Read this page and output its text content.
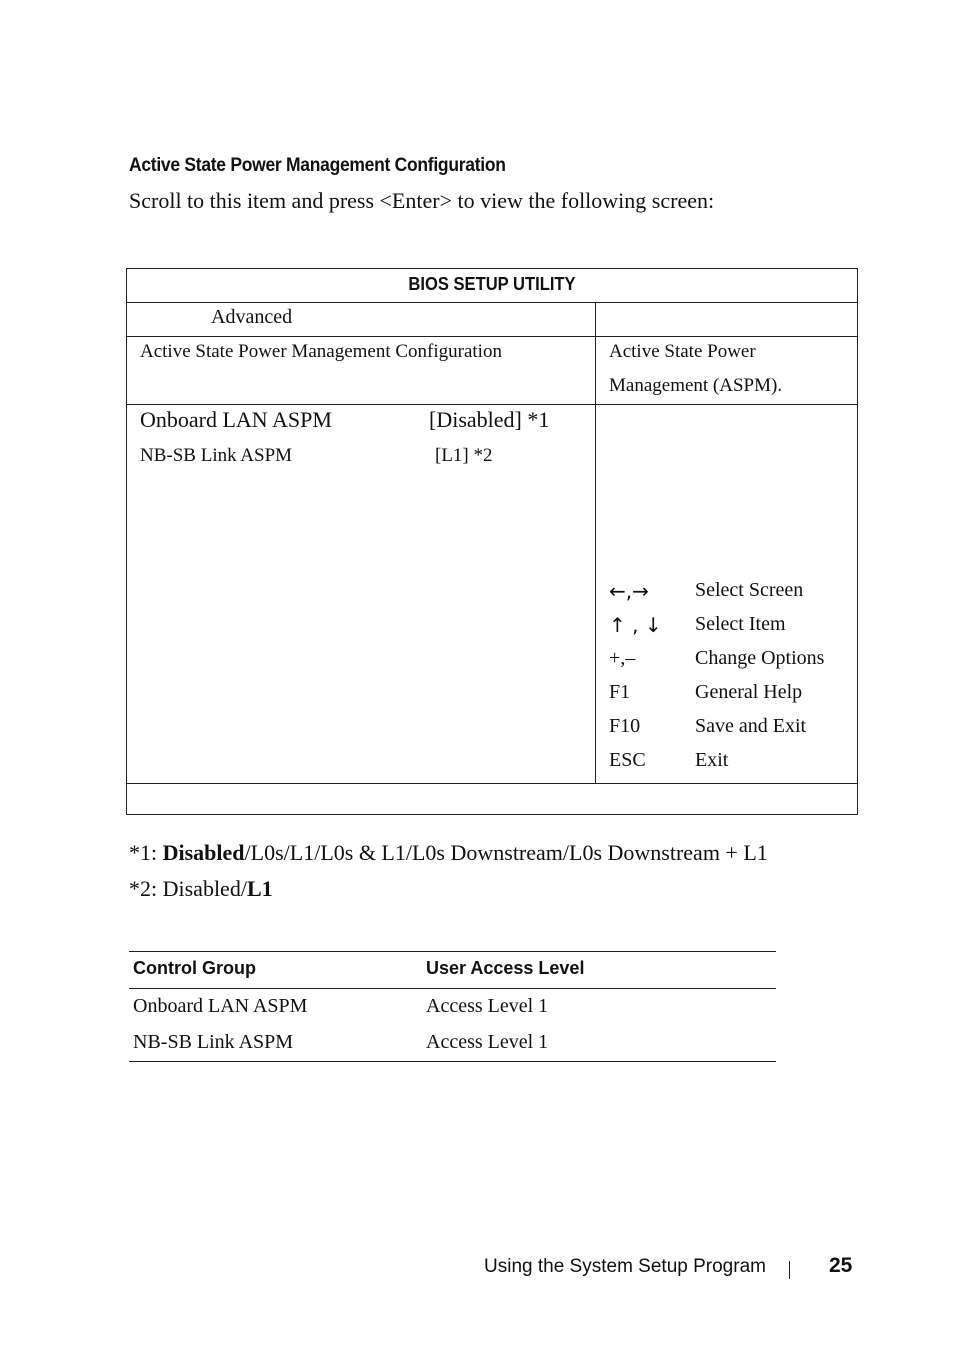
Active State Power Management Configuration
Scroll to this item and press <Enter> to view the following screen:
BIOS SETUP UTILITY
Advanced
Active State Power Management Configuration	Active State Power
Management (ASPM).
Onboard LAN ASPM	[Disabled] *1
NB-SB Link ASPM	[L1] *2
←,→ Select Screen
↑ , ↓ Select Item
+,–	Change Options
F1	General Help
F10	Save and Exit
ESC Exit
*1: Disabled/L0s/L1/L0s & L1/L0s Downstream/L0s Downstream + L1
*2: Disabled/L1
Control Group	User Access Level
Onboard LAN ASPM	Access Level 1
NB-SB Link ASPM	Access Level 1
Using the System Setup Program	25
